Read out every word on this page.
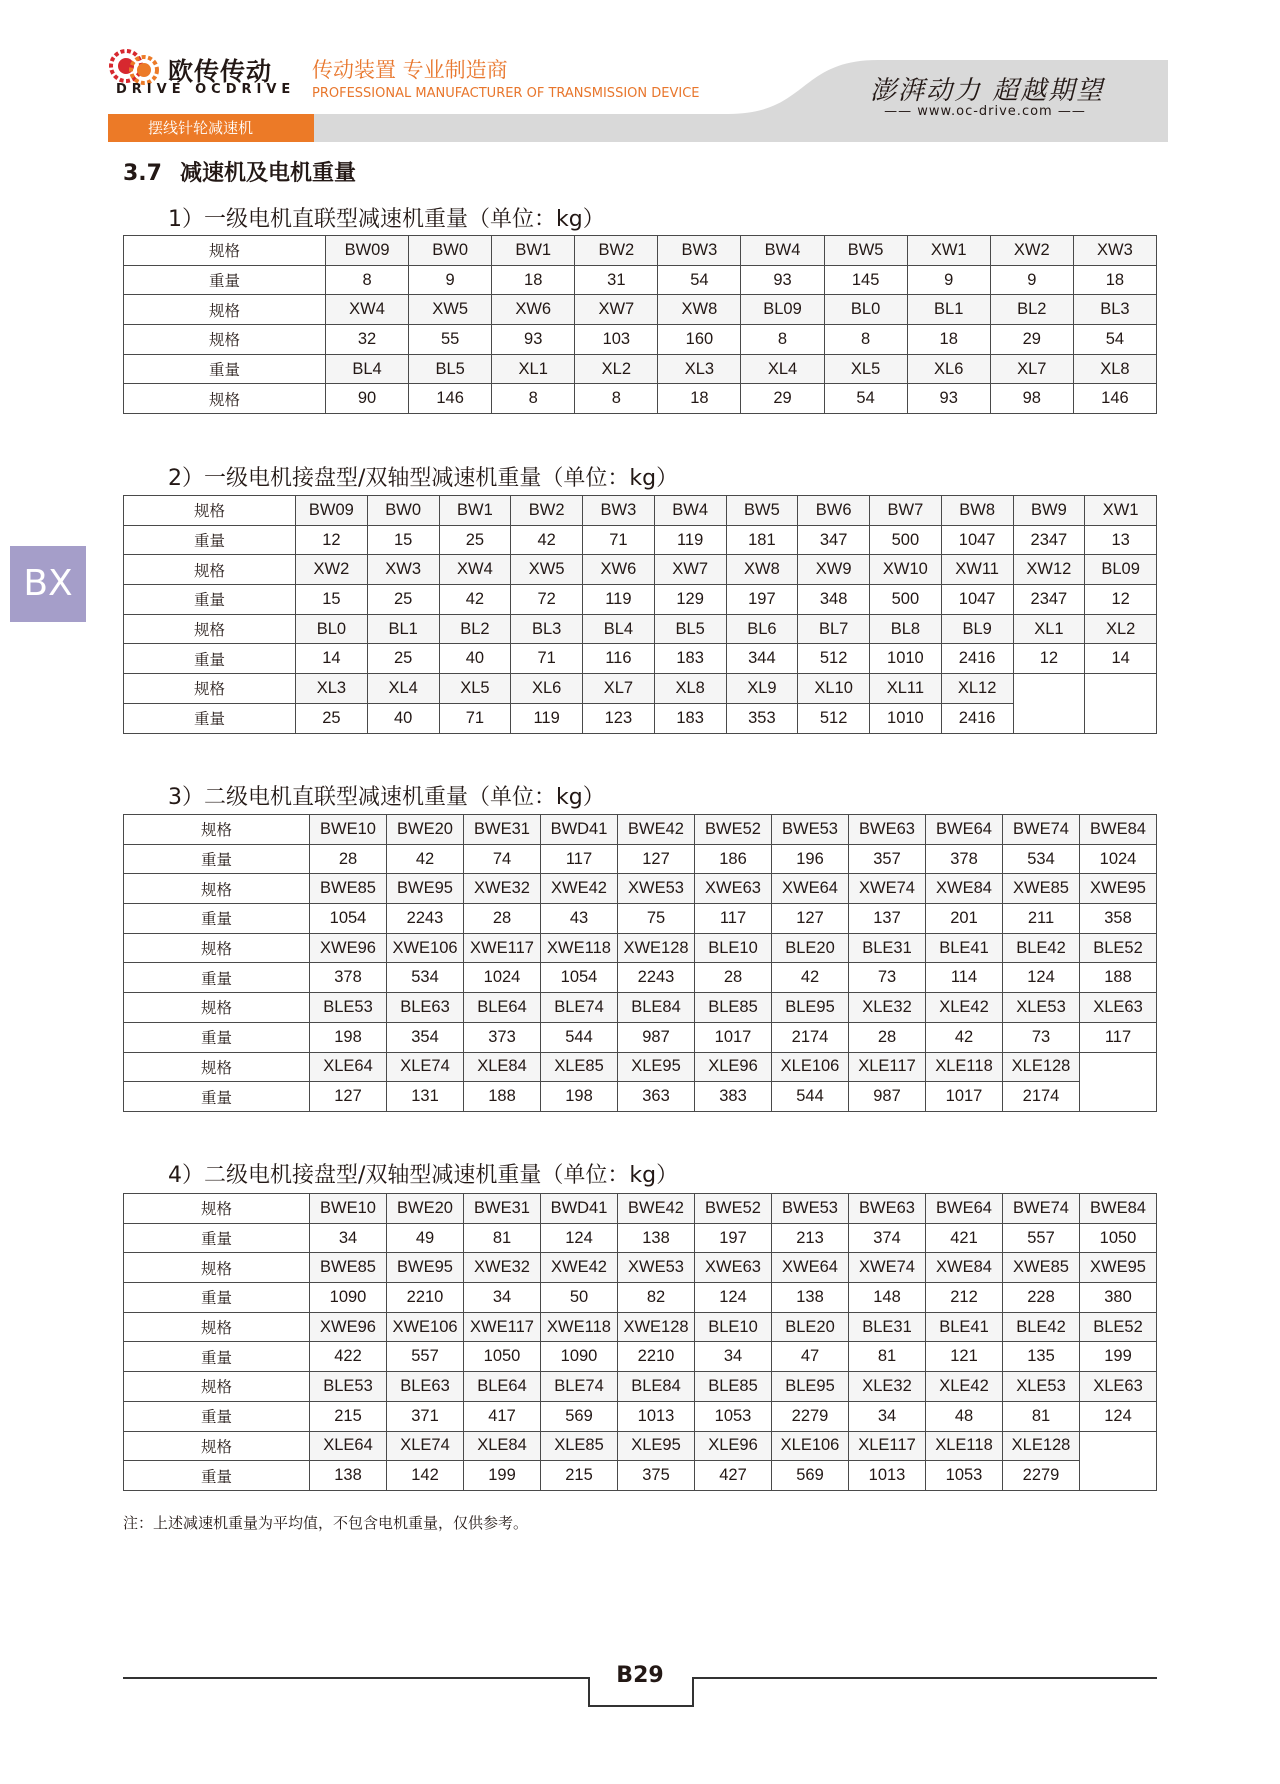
欧传传动
DRIVE OCDRIVE
传动装置 专业制造商
PROFESSIONAL MANUFACTURER OF TRANSMISSION DEVICE	澎湃动力 超越期望
—— www.oc-drive.com ——
摆线针轮减速机
BX
3.7 减速机及电机重量
1）一级电机直联型减速机重量（单位：kg）
规格	BW09	BW0	BW1	BW2	BW3	BW4	BW5	XW1	XW2	XW3
重量	8	9	18	31	54	93	145	9	9	18
规格	XW4	XW5	XW6	XW7	XW8	BL09	BL0	BL1	BL2	BL3
规格	32	55	93	103	160	8	8	18	29	54
重量	BL4	BL5	XL1	XL2	XL3	XL4	XL5	XL6	XL7	XL8
规格	90	146	8	8	18	29	54	93	98	146
2）一级电机接盘型/双轴型减速机重量（单位：kg）
规格	BW09	BW0	BW1	BW2	BW3	BW4	BW5	BW6	BW7	BW8	BW9	XW1
重量	12	15	25	42	71	119	181	347	500	1047	2347	13
规格	XW2	XW3	XW4	XW5	XW6	XW7	XW8	XW9	XW10	XW11	XW12	BL09
重量	15	25	42	72	119	129	197	348	500	1047	2347	12
规格	BL0	BL1	BL2	BL3	BL4	BL5	BL6	BL7	BL8	BL9	XL1	XL2
重量	14	25	40	71	116	183	344	512	1010	2416	12	14
规格	XL3	XL4	XL5	XL6	XL7	XL8	XL9	XL10	XL11	XL12		
重量	25	40	71	119	123	183	353	512	1010	2416		
3）二级电机直联型减速机重量（单位：kg）
规格	BWE10	BWE20	BWE31	BWD41	BWE42	BWE52	BWE53	BWE63	BWE64	BWE74	BWE84
重量	28	42	74	117	127	186	196	357	378	534	1024
规格	BWE85	BWE95	XWE32	XWE42	XWE53	XWE63	XWE64	XWE74	XWE84	XWE85	XWE95
重量	1054	2243	28	43	75	117	127	137	201	211	358
规格	XWE96	XWE106	XWE117	XWE118	XWE128	BLE10	BLE20	BLE31	BLE41	BLE42	BLE52
重量	378	534	1024	1054	2243	28	42	73	114	124	188
规格	BLE53	BLE63	BLE64	BLE74	BLE84	BLE85	BLE95	XLE32	XLE42	XLE53	XLE63
重量	198	354	373	544	987	1017	2174	28	42	73	117
规格	XLE64	XLE74	XLE84	XLE85	XLE95	XLE96	XLE106	XLE117	XLE118	XLE128	
重量	127	131	188	198	363	383	544	987	1017	2174	
4）二级电机接盘型/双轴型减速机重量（单位：kg）
规格	BWE10	BWE20	BWE31	BWD41	BWE42	BWE52	BWE53	BWE63	BWE64	BWE74	BWE84
重量	34	49	81	124	138	197	213	374	421	557	1050
规格	BWE85	BWE95	XWE32	XWE42	XWE53	XWE63	XWE64	XWE74	XWE84	XWE85	XWE95
重量	1090	2210	34	50	82	124	138	148	212	228	380
规格	XWE96	XWE106	XWE117	XWE118	XWE128	BLE10	BLE20	BLE31	BLE41	BLE42	BLE52
重量	422	557	1050	1090	2210	34	47	81	121	135	199
规格	BLE53	BLE63	BLE64	BLE74	BLE84	BLE85	BLE95	XLE32	XLE42	XLE53	XLE63
重量	215	371	417	569	1013	1053	2279	34	48	81	124
规格	XLE64	XLE74	XLE84	XLE85	XLE95	XLE96	XLE106	XLE117	XLE118	XLE128	
重量	138	142	199	215	375	427	569	1013	1053	2279	
注：上述减速机重量为平均值，不包含电机重量，仅供参考。
B29
